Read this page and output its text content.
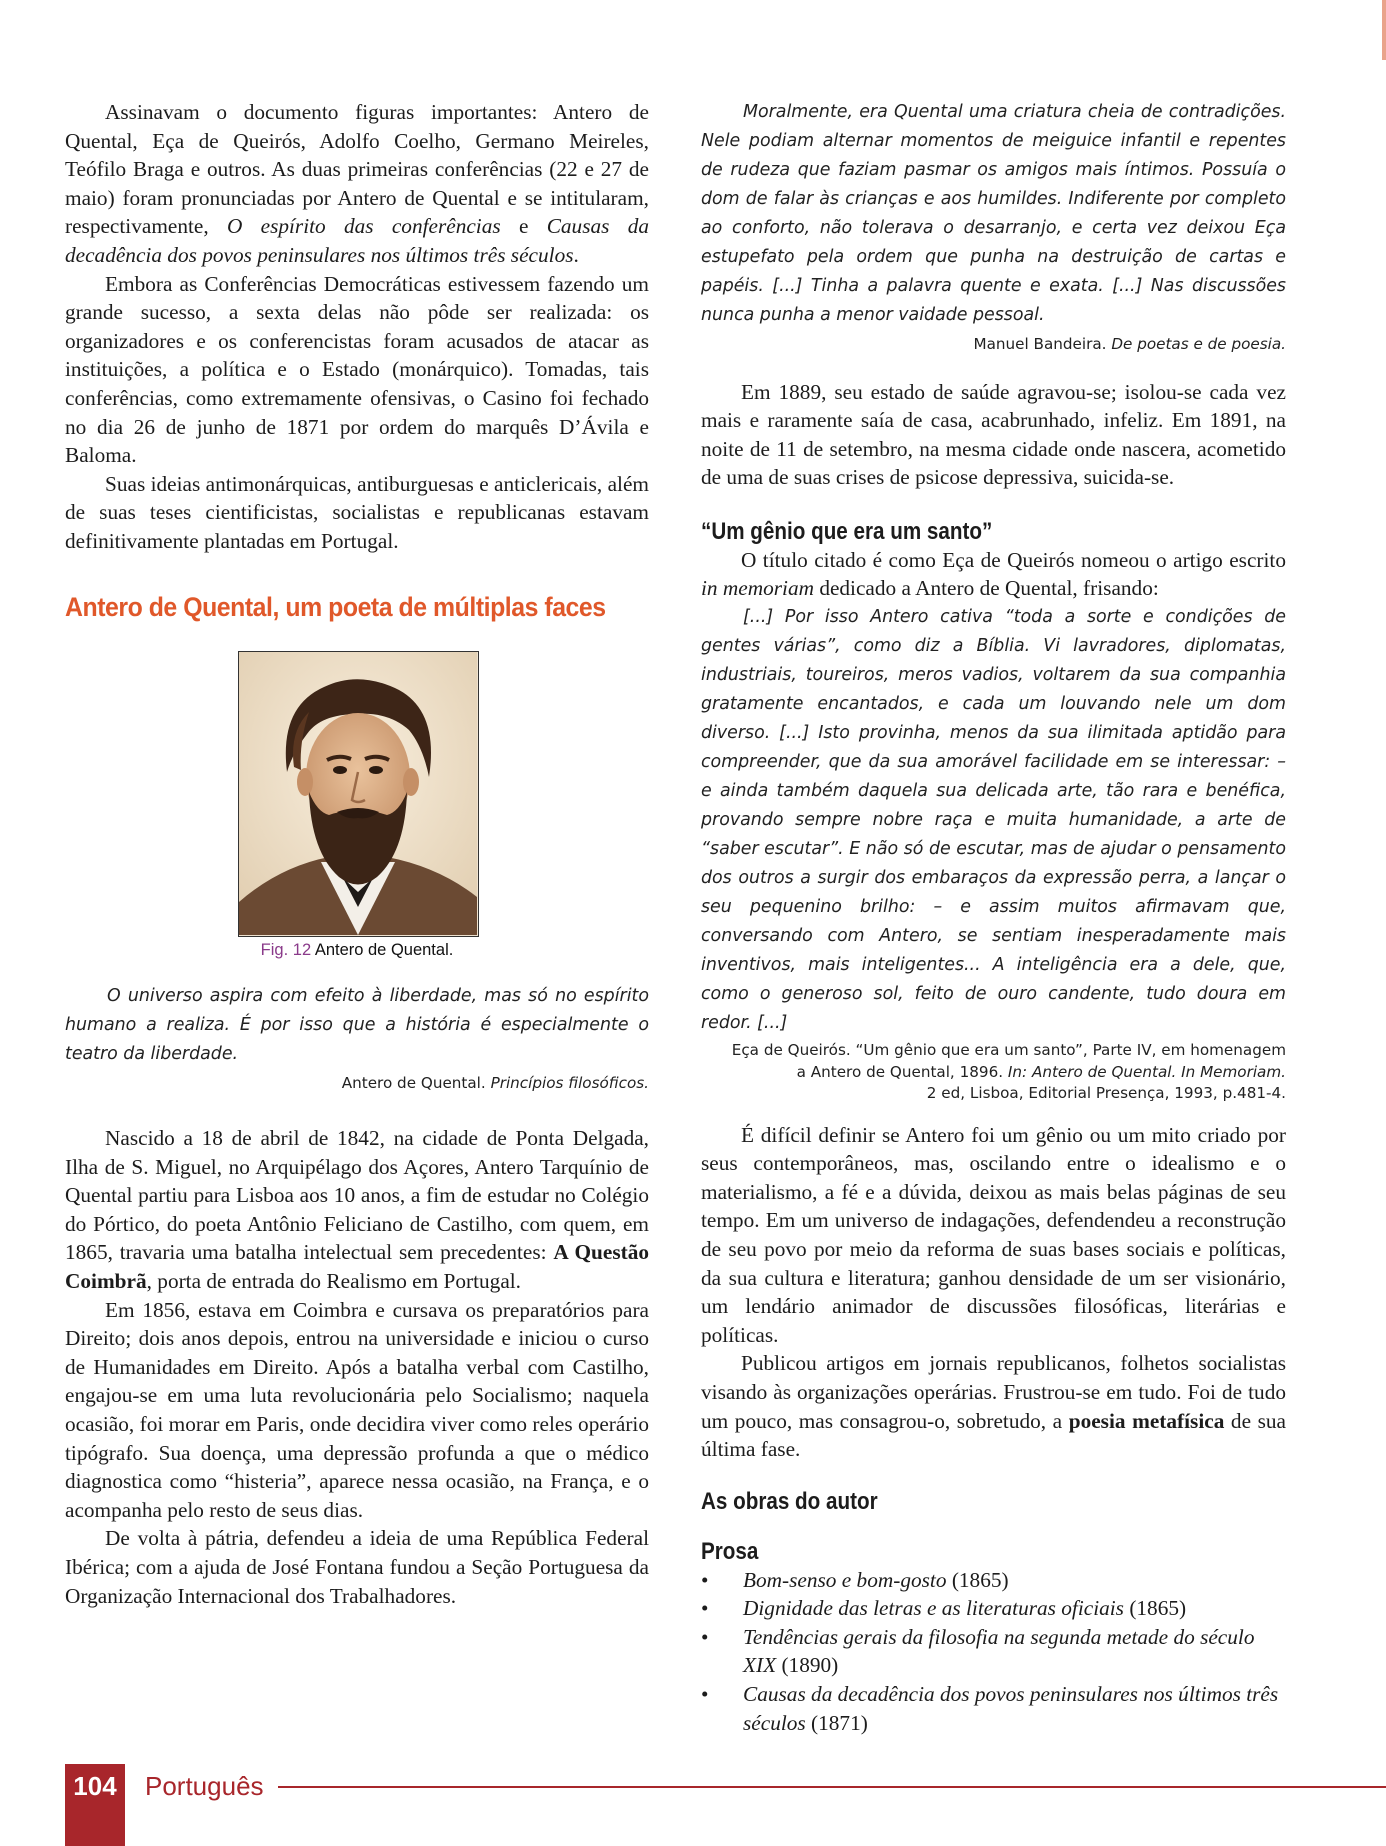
Assinavam o documento figuras importantes: Antero de Quental, Eça de Queirós, Adolfo Coelho, Germano Meireles, Teófilo Braga e outros. As duas primeiras conferências (22 e 27 de maio) foram pronunciadas por Antero de Quental e se intitularam, respectivamente, O espírito das conferências e Causas da decadência dos povos peninsulares nos últimos três séculos.

Embora as Conferências Democráticas estivessem fazendo um grande sucesso, a sexta delas não pôde ser realizada: os organizadores e os conferencistas foram acusados de atacar as instituições, a política e o Estado (monárquico). Tomadas, tais conferências, como extremamente ofensivas, o Casino foi fechado no dia 26 de junho de 1871 por ordem do marquês D’Ávila e Baloma.

Suas ideias antimonárquicas, antiburguesas e anticlericais, além de suas teses cientificistas, socialistas e republicanas estavam definitivamente plantadas em Portugal.

Antero de Quental, um poeta de múltiplas faces

Fig. 12 Antero de Quental.

O universo aspira com efeito à liberdade, mas só no espírito humano a realiza. É por isso que a história é especialmente o teatro da liberdade.

Antero de Quental. Princípios filosóficos.

Nascido a 18 de abril de 1842, na cidade de Ponta Delgada, Ilha de S. Miguel, no Arquipélago dos Açores, Antero Tarquínio de Quental partiu para Lisboa aos 10 anos, a fim de estudar no Colégio do Pórtico, do poeta Antônio Feliciano de Castilho, com quem, em 1865, travaria uma batalha intelectual sem precedentes: A Questão Coimbrã, porta de entrada do Realismo em Portugal.

Em 1856, estava em Coimbra e cursava os preparatórios para Direito; dois anos depois, entrou na universidade e iniciou o curso de Humanidades em Direito. Após a batalha verbal com Castilho, engajou-se em uma luta revolucionária pelo Socialismo; naquela ocasião, foi morar em Paris, onde decidira viver como reles operário tipógrafo. Sua doença, uma depressão profunda a que o médico diagnostica como “histeria”, aparece nessa ocasião, na França, e o acompanha pelo resto de seus dias.

De volta à pátria, defendeu a ideia de uma República Federal Ibérica; com a ajuda de José Fontana fundou a Seção Portuguesa da Organização Internacional dos Trabalhadores.

Moralmente, era Quental uma criatura cheia de contradições. Nele podiam alternar momentos de meiguice infantil e repentes de rudeza que faziam pasmar os amigos mais íntimos. Possuía o dom de falar às crianças e aos humildes. Indiferente por completo ao conforto, não tolerava o desarranjo, e certa vez deixou Eça estupefato pela ordem que punha na destruição de cartas e papéis. [...] Tinha a palavra quente e exata. [...] Nas discussões nunca punha a menor vaidade pessoal.

Manuel Bandeira. De poetas e de poesia.

Em 1889, seu estado de saúde agravou-se; isolou-se cada vez mais e raramente saía de casa, acabrunhado, infeliz. Em 1891, na noite de 11 de setembro, na mesma cidade onde nascera, acometido de uma de suas crises de psicose depressiva, suicida-se.

“Um gênio que era um santo”

O título citado é como Eça de Queirós nomeou o artigo escrito in memoriam dedicado a Antero de Quental, frisando:

[...] Por isso Antero cativa “toda a sorte e condições de gentes várias”, como diz a Bíblia. Vi lavradores, diplomatas, industriais, toureiros, meros vadios, voltarem da sua companhia gratamente encantados, e cada um louvando nele um dom diverso. [...] Isto provinha, menos da sua ilimitada aptidão para compreender, que da sua amorável facilidade em se interessar: – e ainda também daquela sua delicada arte, tão rara e benéfica, provando sempre nobre raça e muita humanidade, a arte de “saber escutar”. E não só de escutar, mas de ajudar o pensamento dos outros a surgir dos embaraços da expressão perra, a lançar o seu pequenino brilho: – e assim muitos afirmavam que, conversando com Antero, se sentiam inesperadamente mais inventivos, mais inteligentes... A inteligência era a dele, que, como o generoso sol, feito de ouro candente, tudo doura em redor. [...]

Eça de Queirós. “Um gênio que era um santo”, Parte IV, em homenagem
a Antero de Quental, 1896. In: Antero de Quental. In Memoriam.
2 ed, Lisboa, Editorial Presença, 1993, p.481-4.

É difícil definir se Antero foi um gênio ou um mito criado por seus contemporâneos, mas, oscilando entre o idealismo e o materialismo, a fé e a dúvida, deixou as mais belas páginas de seu tempo. Em um universo de indagações, defendendeu a reconstrução de seu povo por meio da reforma de suas bases sociais e políticas, da sua cultura e literatura; ganhou densidade de um ser visionário, um lendário animador de discussões filosóficas, literárias e políticas.

Publicou artigos em jornais republicanos, folhetos socialistas visando às organizações operárias. Frustrou-se em tudo. Foi de tudo um pouco, mas consagrou-o, sobretudo, a poesia metafísica de sua última fase.

As obras do autor
Prosa
• Bom-senso e bom-gosto (1865)
• Dignidade das letras e as literaturas oficiais (1865)
• Tendências gerais da filosofia na segunda metade do século XIX (1890)
• Causas da decadência dos povos peninsulares nos últimos três séculos (1871)
104	Português
